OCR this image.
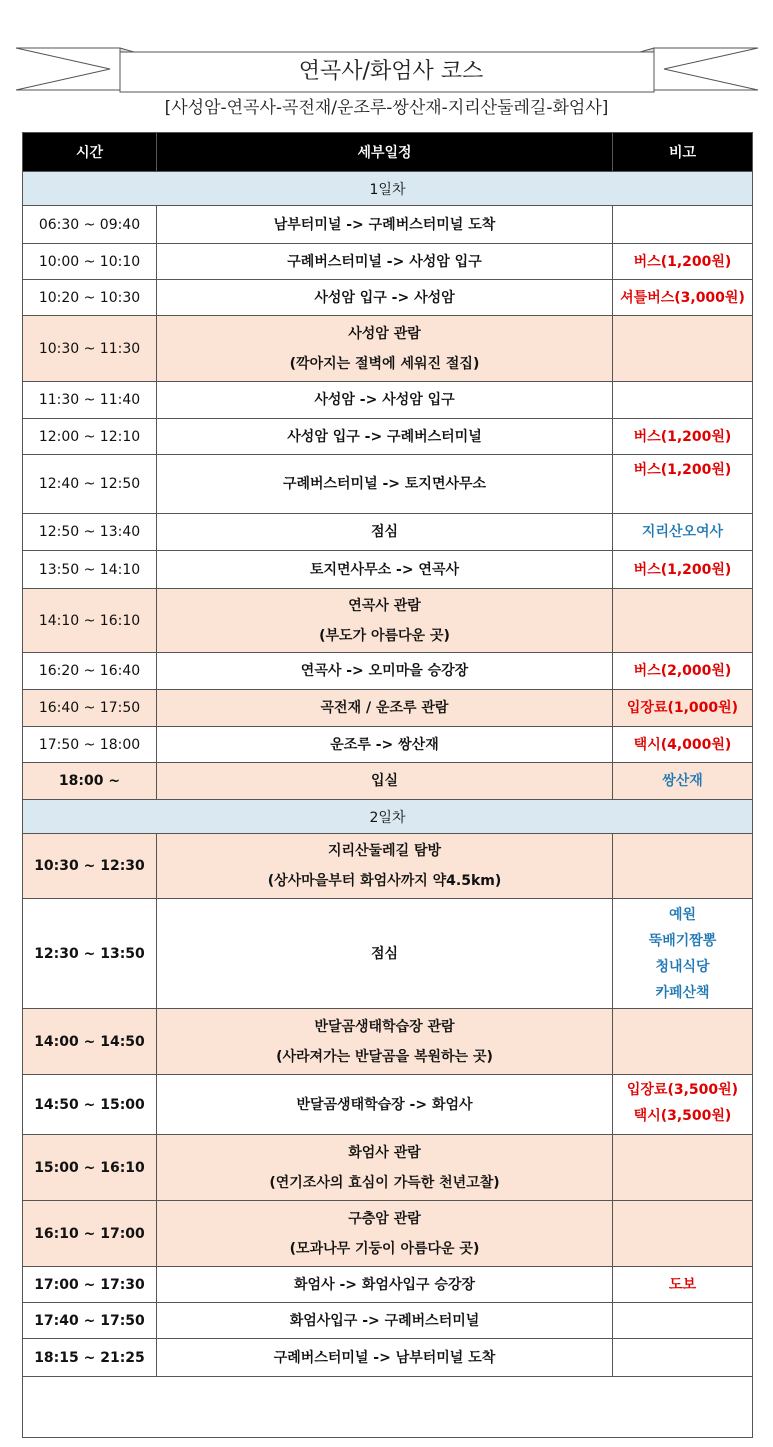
연곡사/화엄사 코스
[사성암-연곡사-곡전재/운조루-쌍산재-지리산둘레길-화엄사]
시간	세부일정	비고
1일차		
06:30 ~ 09:40	남부터미널 -> 구례버스터미널 도착	

10:00 ~ 10:10	구례버스터미널 -> 사성암 입구	버스(1,200원)

10:20 ~ 10:30	사성암 입구 -> 사성암	셔틀버스(3,000원)

10:30 ~ 11:30	사성암 관람
(깍아지는 절벽에 세워진 절집)	

11:30 ~ 11:40	사성암 -> 사성암 입구	

12:00 ~ 12:10	사성암 입구 -> 구례버스터미널	버스(1,200원)

12:40 ~ 12:50	구례버스터미널 -> 토지면사무소	버스(1,200원)

12:50 ~ 13:40	점심	지리산오여사

13:50 ~ 14:10	토지면사무소 -> 연곡사	버스(1,200원)

14:10 ~ 16:10	연곡사 관람
(부도가 아름다운 곳)	

16:20 ~ 16:40	연곡사 -> 오미마을 승강장	버스(2,000원)

16:40 ~ 17:50	곡전재 / 운조루 관람	입장료(1,000원)

17:50 ~ 18:00	운조루 -> 쌍산재	택시(4,000원)

18:00 ~	입실	쌍산재

2일차		
10:30 ~ 12:30	지리산둘레길 탐방
(상사마을부터 화엄사까지 약4.5km)	

12:30 ~ 13:50	점심	예원
뚝배기짬뽕
청내식당
카페산책

14:00 ~ 14:50	반달곰생태학습장 관람
(사라져가는 반달곰을 복원하는 곳)	

14:50 ~ 15:00	반달곰생태학습장 -> 화엄사	입장료(3,500원)
택시(3,500원)

15:00 ~ 16:10	화엄사 관람
(연기조사의 효심이 가득한 천년고찰)	

16:10 ~ 17:00	구층암 관람
(모과나무 기둥이 아름다운 곳)	

17:00 ~ 17:30	화엄사 -> 화엄사입구 승강장	도보

17:40 ~ 17:50	화엄사입구 -> 구례버스터미널	

18:15 ~ 21:25	구례버스터미널 -> 남부터미널 도착	
